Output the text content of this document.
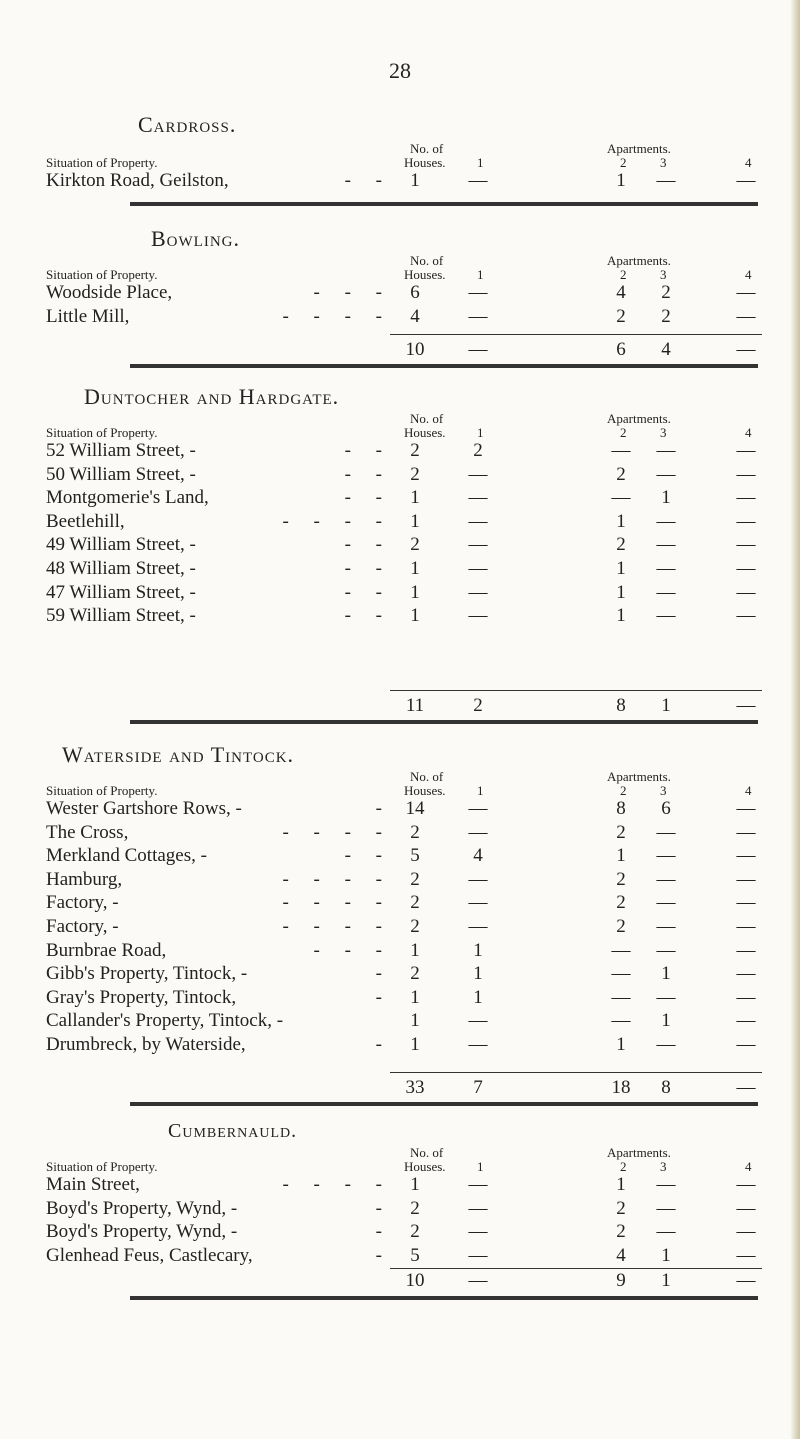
28
Cardross.
No. of	Apartments.
Situation of Property.	Houses. 1	2	3	4
Kirkton Road, Geilston,	- - 1	—	1	—	—
Bowling.
No. of	Apartments.
Situation of Property.	Houses. 1	2	3	4
Woodside Place,	- - - 6	—	4	2	—
Little Mill,	- - - - 4	—	2	2	—
10 —	6	4	—
Duntocher and Hardgate.
No. of	Apartments.
Situation of Property.	Houses. 1	2	3	4
52 William Street, -	- - 2	2	— —	—
50 William Street, -	- - 2	—	2	—	—
Montgomerie's Land,	- - 1	—	—	1	—
Beetlehill,	- - - - 1	—	1	—	—
49 William Street, -	- - 2	—	2	—	—
48 William Street, -	- - 1	—	1	—	—
47 William Street, -	- - 1	—	1	—	—
59 William Street, -	- - 1	—	1	—	—
11	2	8	1	—
Waterside and Tintock.
No. of	Apartments.
Situation of Property.	Houses. 1	2	3	4
Wester Gartshore Rows, -	- 14 —	8	6	—
The Cross,	- - - - 2	—	2	—	—
Merkland Cottages, -	- - 5	4	1	—	—
Hamburg,	- - - - 2	—	2	—	—
Factory, -	- - - - 2	—	2	—	—
Factory, -	- - - - 2	—	2	—	—
Burnbrae Road,	- - - 1	1	— —	—
Gibb's Property, Tintock, -	- 2	1	—	1	—
Gray's Property, Tintock,	- 1	1	— —	—
Callander's Property, Tintock, -	1	—	—	1	—
Drumbreck, by Waterside,	- 1	—	1	—	—
33	7	18	8	—
Cumbernauld.
No. of	Apartments.
Situation of Property.	Houses. 1	2	3	4
Main Street,	- - - - 1	—	1	—	—
Boyd's Property, Wynd, -	- 2	—	2	—	—
Boyd's Property, Wynd, -	- 2	—	2	—	—
Glenhead Feus, Castlecary,	- 5	—	4	1	—
10 —	9	1	—
